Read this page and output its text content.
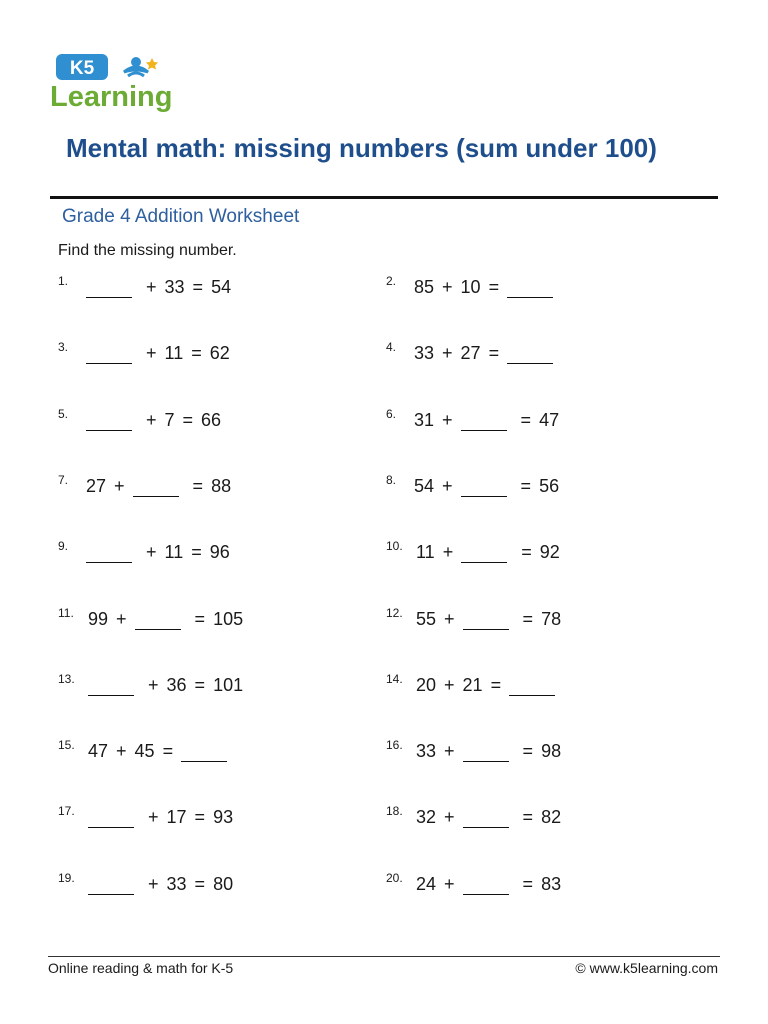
K5
Learning
Mental math: missing numbers (sum under 100)
Grade 4 Addition Worksheet
Find the missing number.
1.	+ 33 = 54	2. 85 + 10 =
3.	+ 11 = 62	4. 33 + 27 =
5.	+ 7 = 66	6. 31 +	= 47
7. 27 +	= 88	8. 54 +	= 56
9.	+ 11 = 96	10. 11 +	= 92
11. 99 +	= 105	12. 55 +	= 78
13.	+ 36 = 101	14. 20 + 21 =
15. 47 + 45 =	16. 33 +	= 98
17.	+ 17 = 93	18. 32 +	= 82
19.	+ 33 = 80	20. 24 +	= 83
Online reading & math for K-5	© www.k5learning.com
